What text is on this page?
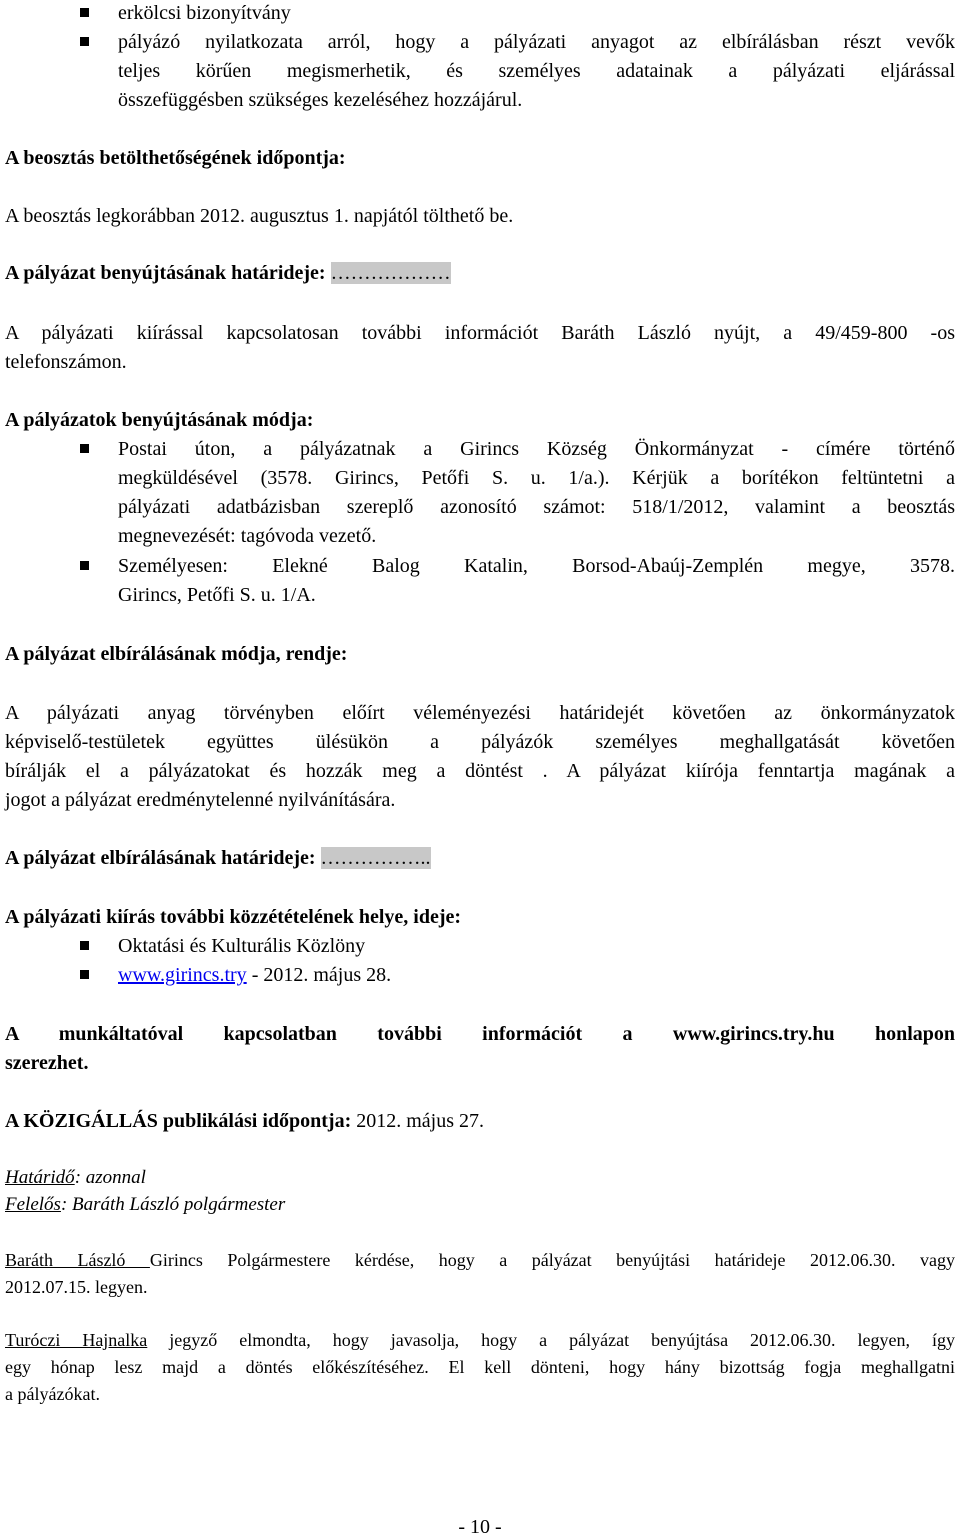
erkölcsi bizonyítvány
pályázó nyilatkozata arról, hogy a pályázati anyagot az elbírálásban részt vevők
teljes körűen megismerhetik, és személyes adatainak a pályázati eljárással
összefüggésben szükséges kezeléséhez hozzájárul.
A beosztás betölthetőségének időpontja:
A beosztás legkorábban 2012. augusztus 1. napjától tölthető be.
A pályázat benyújtásának határideje: ………………
A pályázati kiírással kapcsolatosan további információt Baráth László nyújt, a 49/459-800 -os
telefonszámon.
A pályázatok benyújtásának módja:
Postai úton, a pályázatnak a Girincs Község Önkormányzat - címére történő
megküldésével (3578. Girincs, Petőfi S. u. 1/a.). Kérjük a borítékon feltüntetni a
pályázati adatbázisban szereplő azonosító számot: 518/1/2012, valamint a beosztás
megnevezését: tagóvoda vezető.
Személyesen: Elekné Balog Katalin, Borsod-Abaúj-Zemplén megye, 3578.
Girincs, Petőfi S. u. 1/A.
A pályázat elbírálásának módja, rendje:
A pályázati anyag törvényben előírt véleményezési határidejét követően az önkormányzatok
képviselő-testületek együttes ülésükön a pályázók személyes meghallgatását követően
bírálják el a pályázatokat és hozzák meg a döntést . A pályázat kiírója fenntartja magának a
jogot a pályázat eredménytelenné nyilvánítására.
A pályázat elbírálásának határideje: ……………..
A pályázati kiírás további közzétételének helye, ideje:
Oktatási és Kulturális Közlöny
www.girincs.try - 2012. május 28.
A munkáltatóval kapcsolatban további információt a www.girincs.try.hu honlapon
szerezhet.
A KÖZIGÁLLÁS publikálási időpontja: 2012. május 27.
Határidő: azonnal
Felelős: Baráth László polgármester
Baráth László Girincs Polgármestere kérdése, hogy a pályázat benyújtási határideje 2012.06.30. vagy
2012.07.15. legyen.
Turóczi Hajnalka jegyző elmondta, hogy javasolja, hogy a pályázat benyújtása 2012.06.30. legyen, így
egy hónap lesz majd a döntés előkészítéséhez. El kell dönteni, hogy hány bizottság fogja meghallgatni
a pályázókat.
- 10 -
